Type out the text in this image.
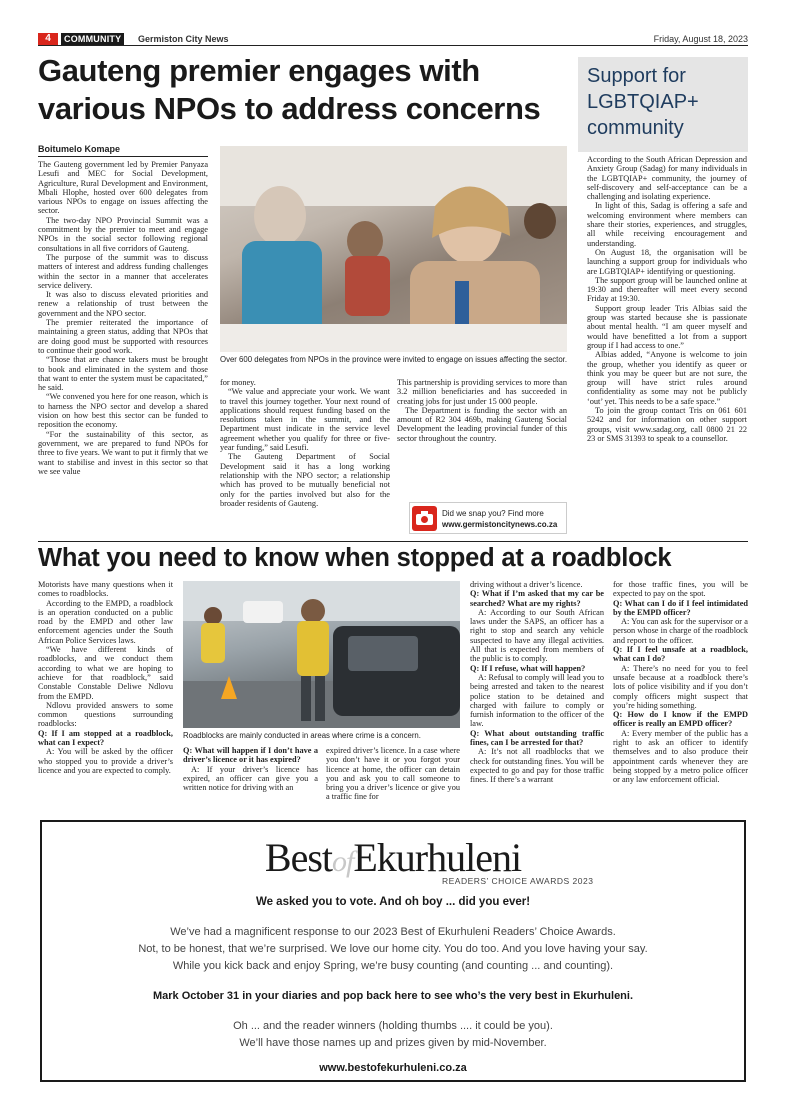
4	COMMUNITY	Germiston City News	Friday, August 18, 2023
Gauteng premier engages with various NPOs to address concerns
Boitumelo Komape

The Gauteng government led by Premier Panyaza Lesufi and MEC for Social Development, Agriculture, Rural Development and Environment, Mbali Hlophe, hosted over 600 delegates from various NPOs to engage on issues affecting the sector.

The two-day NPO Provincial Summit was a commitment by the premier to meet and engage NPOs in the social sector following regional consultations in all five corridors of Gauteng.

The purpose of the summit was to discuss matters of interest and address funding challenges within the sector in a manner that accelerates service delivery.

It was also to discuss elevated priorities and renew a relationship of trust between the government and the NPO sector.

The premier reiterated the importance of maintaining a green status, adding that NPOs that are doing good must be supported with resources to continue their good work.

“Those that are chance takers must be brought to book and eliminated in the system and those that want to enter the system must be capacitated,” he said.

“We convened you here for one reason, which is to harness the NPO sector and develop a shared vision on how best this sector can be funded to reposition the economy.

“For the sustainability of this sector, as government, we are prepared to fund NPOs for three to five years. We want to put it firmly that we want to stabilise and invest in this sector so that we see value

Over 600 delegates from NPOs in the province were invited to engage on issues affecting the sector.

for money.

“We value and appreciate your work. We want to travel this journey together. Your next round of applications should request funding based on the resolutions taken in the summit, and the Department must indicate in the service level agreement whether you qualify for three or five-year funding,” said Lesufi.

The Gauteng Department of Social Development said it has a long working relationship with the NPO sector; a relationship which has proved to be mutually beneficial not only for the parties involved but also for the broader residents of Gauteng.

This partnership is providing services to more than 3.2 million beneficiaries and has succeeded in creating jobs for just under 15 000 people.

The Department is funding the sector with an amount of R2 304 469b, making Gauteng Social Development the leading provincial funder of this sector throughout the country.

Did we snap you? Find more
www.germistoncitynews.co.za
Support for LGBTQIAP+ community

According to the South African Depression and Anxiety Group (Sadag) for many individuals in the LGBTQIAP+ community, the journey of self-discovery and self-acceptance can be a challenging and isolating experience.

In light of this, Sadag is offering a safe and welcoming environment where members can share their stories, experiences, and struggles, all while receiving encouragement and understanding.

On August 18, the organisation will be launching a support group for individuals who are LGBTQIAP+ identifying or questioning.

The support group will be launched online at 19:30 and thereafter will meet every second Friday at 19:30.

Support group leader Tris Albias said the group was started because she is passionate about mental health. “I am queer myself and would have benefitted a lot from a support group if I had access to one.”

Albias added, “Anyone is welcome to join the group, whether you identify as queer or think you may be queer but are not sure, the group will have strict rules around confidentiality as some may not be publicly ‘out’ yet. This needs to be a safe space.”

To join the group contact Tris on 061 601 5242 and for information on other support groups, visit www.sadag.org, call 0800 21 22 23 or SMS 31393 to speak to a counsellor.

What you need to know when stopped at a roadblock

Motorists have many questions when it comes to roadblocks.

According to the EMPD, a roadblock is an operation conducted on a public road by the EMPD and other law enforcement agencies under the South African Police Services laws.

“We have different kinds of roadblocks, and we conduct them according to what we are hoping to achieve for that roadblock,” said Constable Constable Deliwe Ndlovu from the EMPD.

Ndlovu provided answers to some common questions surrounding roadblocks:

Q: If I am stopped at a roadblock, what can I expect?

A: You will be asked by the officer who stopped you to provide a driver’s licence and you are expected to comply.

Roadblocks are mainly conducted in areas where crime is a concern.

Q: What will happen if I don’t have a driver’s licence or it has expired?

A: If your driver’s licence has expired, an officer can give you a written notice for driving with an

expired driver’s licence. In a case where you don’t have it or you forgot your licence at home, the officer can detain you and ask you to call someone to bring you a driver’s licence or give you a traffic fine for

driving without a driver’s licence.

Q: What if I’m asked that my car be searched? What are my rights?

A: According to our South African laws under the SAPS, an officer has a right to stop and search any vehicle suspected to have any illegal activities. All that is expected from members of the public is to comply.

Q: If I refuse, what will happen?

A: Refusal to comply will lead you to being arrested and taken to the nearest police station to be detained and charged with failure to comply or furnish information to the officer of the law.

Q: What about outstanding traffic fines, can I be arrested for that?

A: It’s not all roadblocks that we check for outstanding fines. You will be expected to go and pay for those traffic fines. If there’s a warrant

for those traffic fines, you will be expected to pay on the spot.

Q: What can I do if I feel intimidated by the EMPD officer?

A: You can ask for the supervisor or a person whose in charge of the roadblock and report to the officer.

Q: If I feel unsafe at a roadblock, what can I do?

A: There’s no need for you to feel unsafe because at a roadblock there’s lots of police visibility and if you don’t comply officers might suspect that you’re hiding something.

Q: How do I know if the EMPD officer is really an EMPD officer?

A: Every member of the public has a right to ask an officer to identify themselves and to also produce their appointment cards whenever they are being stopped by a metro police officer or any law enforcement official.

BestofEkurhuleni
READERS’ CHOICE AWARDS 2023
We asked you to vote. And oh boy ... did you ever!
We’ve had a magnificent response to our 2023 Best of Ekurhuleni Readers’ Choice Awards.
Not, to be honest, that we’re surprised. We love our home city. You do too. And you love having your say.
While you kick back and enjoy Spring, we’re busy counting (and counting ... and counting).
Mark October 31 in your diaries and pop back here to see who’s the very best in Ekurhuleni.
Oh ... and the reader winners (holding thumbs .... it could be you).
We’ll have those names up and prizes given by mid-November.
www.bestofekurhuleni.co.za
